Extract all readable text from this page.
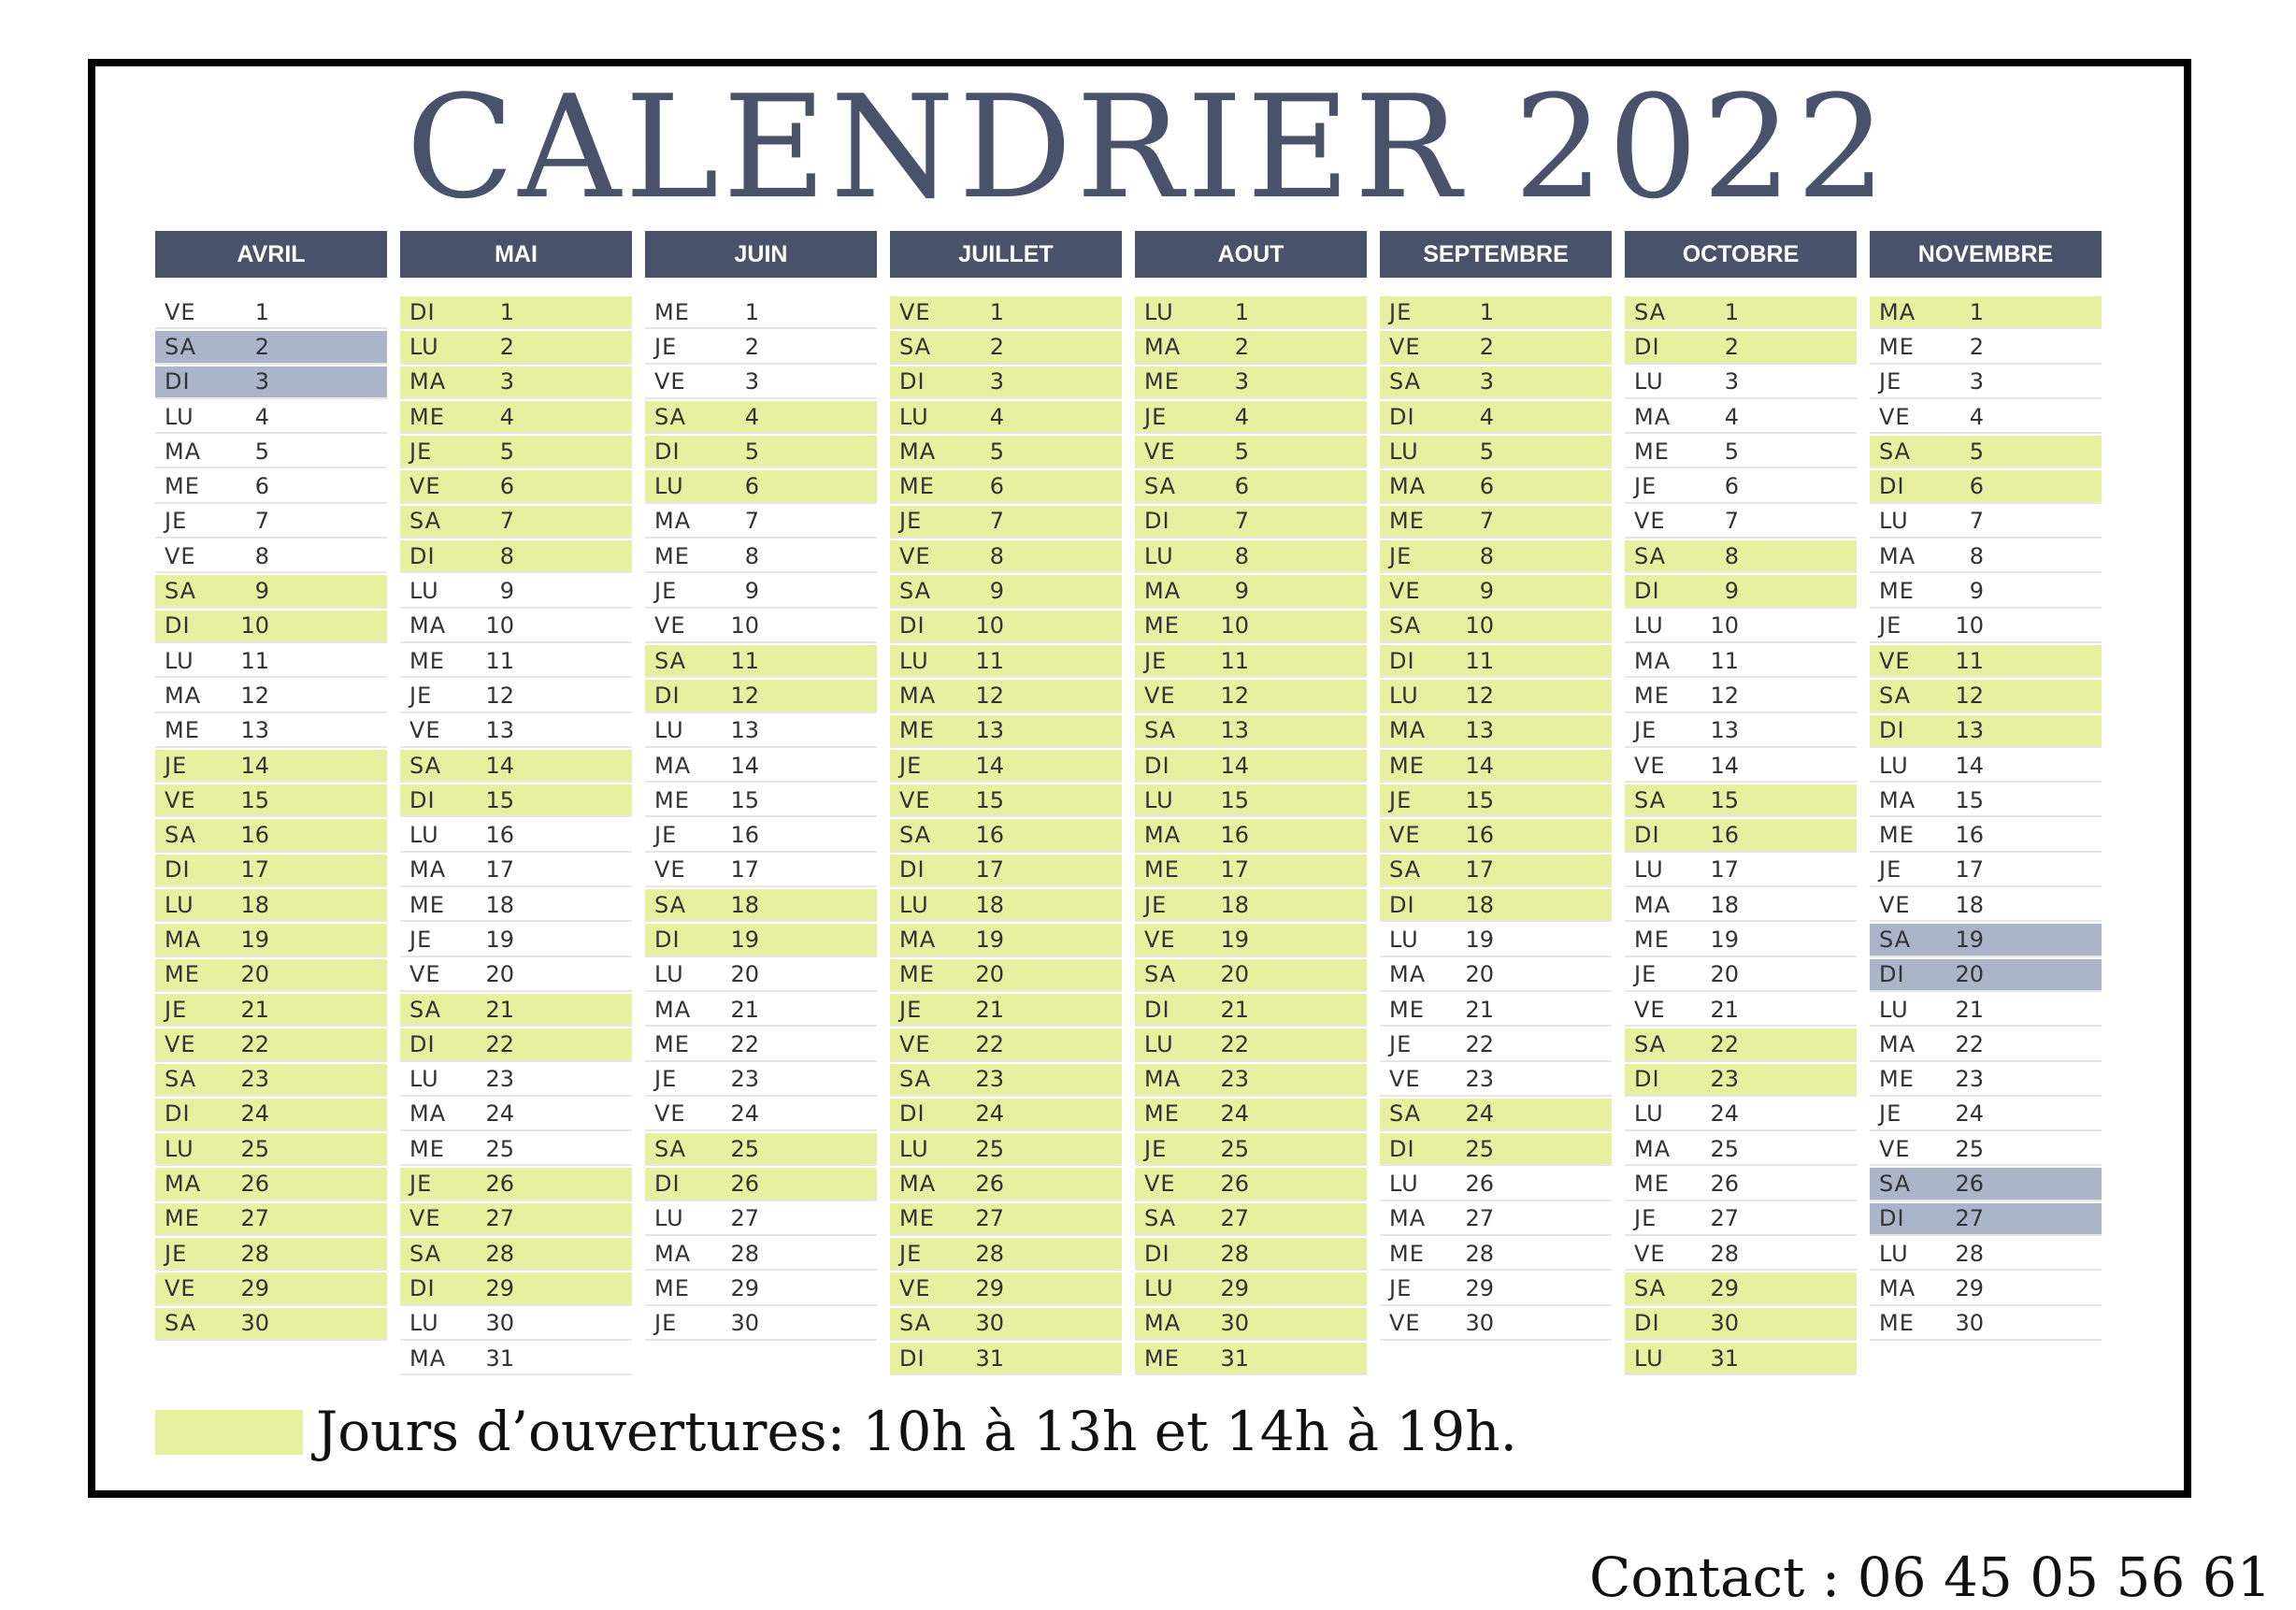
CALENDRIER 2022
AVRIL
VE	1
SA	2
DI	3
LU	4
MA	5
ME	6
JE	7
VE	8
SA	9
DI	10
LU	11
MA	12
ME	13
JE	14
VE	15
SA	16
DI	17
LU	18
MA	19
ME	20
JE	21
VE	22
SA	23
DI	24
LU	25
MA	26
ME	27
JE	28
VE	29
SA	30
MAI
DI	1
LU	2
MA	3
ME	4
JE	5
VE	6
SA	7
DI	8
LU	9
MA	10
ME	11
JE	12
VE	13
SA	14
DI	15
LU	16
MA	17
ME	18
JE	19
VE	20
SA	21
DI	22
LU	23
MA	24
ME	25
JE	26
VE	27
SA	28
DI	29
LU	30
MA	31
JUIN
ME	1
JE	2
VE	3
SA	4
DI	5
LU	6
MA	7
ME	8
JE	9
VE	10
SA	11
DI	12
LU	13
MA	14
ME	15
JE	16
VE	17
SA	18
DI	19
LU	20
MA	21
ME	22
JE	23
VE	24
SA	25
DI	26
LU	27
MA	28
ME	29
JE	30
JUILLET
VE	1
SA	2
DI	3
LU	4
MA	5
ME	6
JE	7
VE	8
SA	9
DI	10
LU	11
MA	12
ME	13
JE	14
VE	15
SA	16
DI	17
LU	18
MA	19
ME	20
JE	21
VE	22
SA	23
DI	24
LU	25
MA	26
ME	27
JE	28
VE	29
SA	30
DI	31
AOUT
LU	1
MA	2
ME	3
JE	4
VE	5
SA	6
DI	7
LU	8
MA	9
ME	10
JE	11
VE	12
SA	13
DI	14
LU	15
MA	16
ME	17
JE	18
VE	19
SA	20
DI	21
LU	22
MA	23
ME	24
JE	25
VE	26
SA	27
DI	28
LU	29
MA	30
ME	31
SEPTEMBRE
JE	1
VE	2
SA	3
DI	4
LU	5
MA	6
ME	7
JE	8
VE	9
SA	10
DI	11
LU	12
MA	13
ME	14
JE	15
VE	16
SA	17
DI	18
LU	19
MA	20
ME	21
JE	22
VE	23
SA	24
DI	25
LU	26
MA	27
ME	28
JE	29
VE	30
OCTOBRE
SA	1
DI	2
LU	3
MA	4
ME	5
JE	6
VE	7
SA	8
DI	9
LU	10
MA	11
ME	12
JE	13
VE	14
SA	15
DI	16
LU	17
MA	18
ME	19
JE	20
VE	21
SA	22
DI	23
LU	24
MA	25
ME	26
JE	27
VE	28
SA	29
DI	30
LU	31
NOVEMBRE
MA	1
ME	2
JE	3
VE	4
SA	5
DI	6
LU	7
MA	8
ME	9
JE	10
VE	11
SA	12
DI	13
LU	14
MA	15
ME	16
JE	17
VE	18
SA	19
DI	20
LU	21
MA	22
ME	23
JE	24
VE	25
SA	26
DI	27
LU	28
MA	29
ME	30
Jours d’ouvertures: 10h à 13h et 14h à 19h.
Contact : 06 45 05 56 61
